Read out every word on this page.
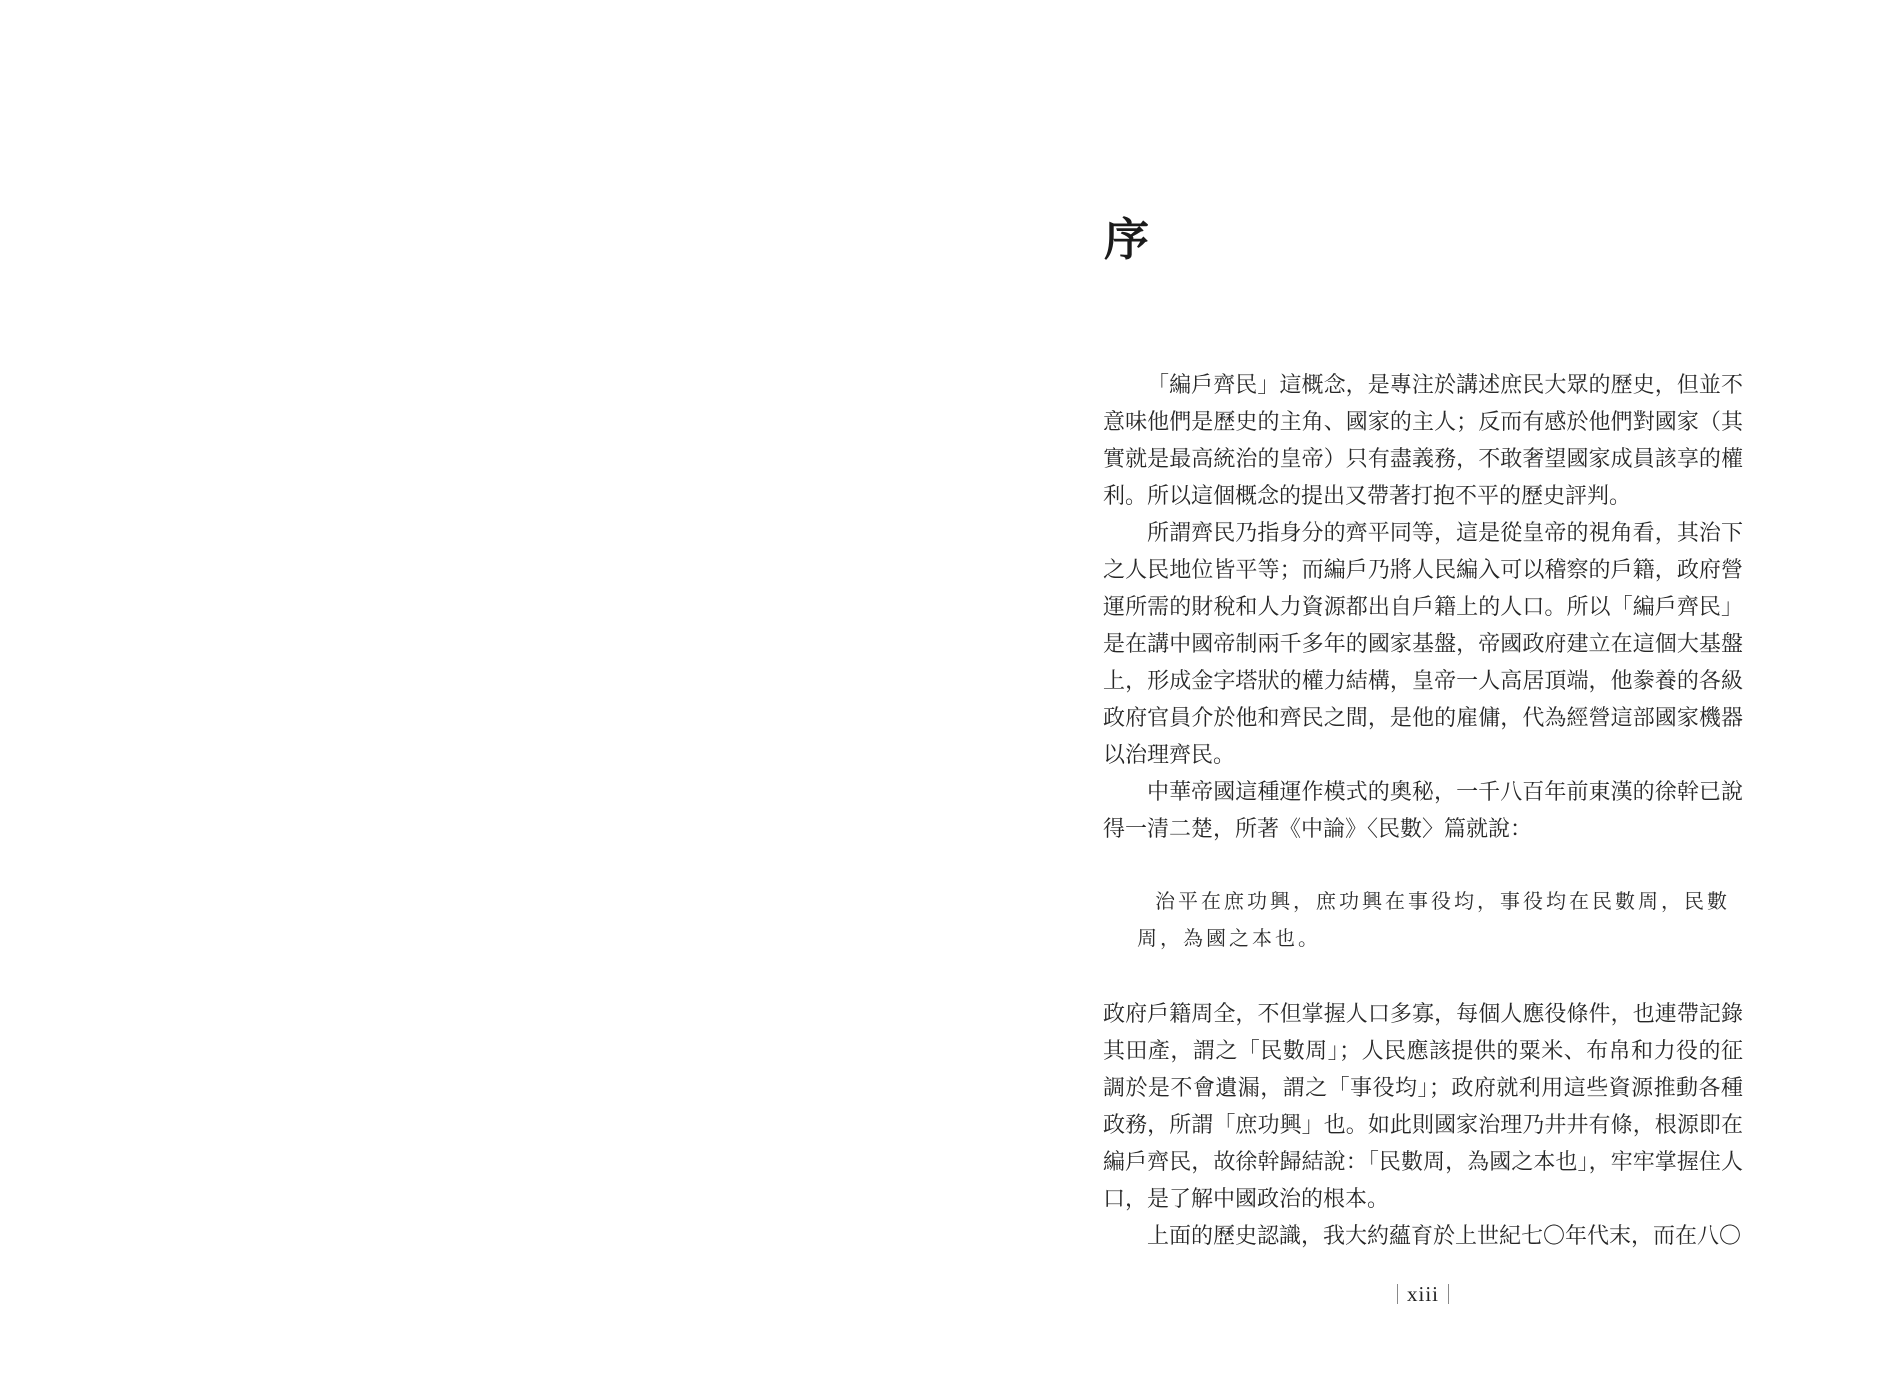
序

「編戶齊民」這概念，是專注於講述庶民大眾的歷史，但並不意味他們是歷史的主角、國家的主人；反而有感於他們對國家（其實就是最高統治的皇帝）只有盡義務，不敢奢望國家成員該享的權利。所以這個概念的提出又帶著打抱不平的歷史評判。

所謂齊民乃指身分的齊平同等，這是從皇帝的視角看，其治下之人民地位皆平等；而編戶乃將人民編入可以稽察的戶籍，政府營運所需的財稅和人力資源都出自戶籍上的人口。所以「編戶齊民」是在講中國帝制兩千多年的國家基盤，帝國政府建立在這個大基盤上，形成金字塔狀的權力結構，皇帝一人高居頂端，他豢養的各級政府官員介於他和齊民之間，是他的雇傭，代為經營這部國家機器以治理齊民。

中華帝國這種運作模式的奧秘，一千八百年前東漢的徐幹已說得一清二楚，所著《中論》〈民數〉篇就說：

治平在庶功興，庶功興在事役均，事役均在民數周，民數周，為國之本也。

政府戶籍周全，不但掌握人口多寡，每個人應役條件，也連帶記錄其田產，謂之「民數周」；人民應該提供的粟米、布帛和力役的征調於是不會遺漏，謂之「事役均」；政府就利用這些資源推動各種政務，所謂「庶功興」也。如此則國家治理乃井井有條，根源即在編戶齊民，故徐幹歸結說：「民數周，為國之本也」，牢牢掌握住人口，是了解中國政治的根本。

上面的歷史認識，我大約蘊育於上世紀七〇年代末，而在八〇

xiii
